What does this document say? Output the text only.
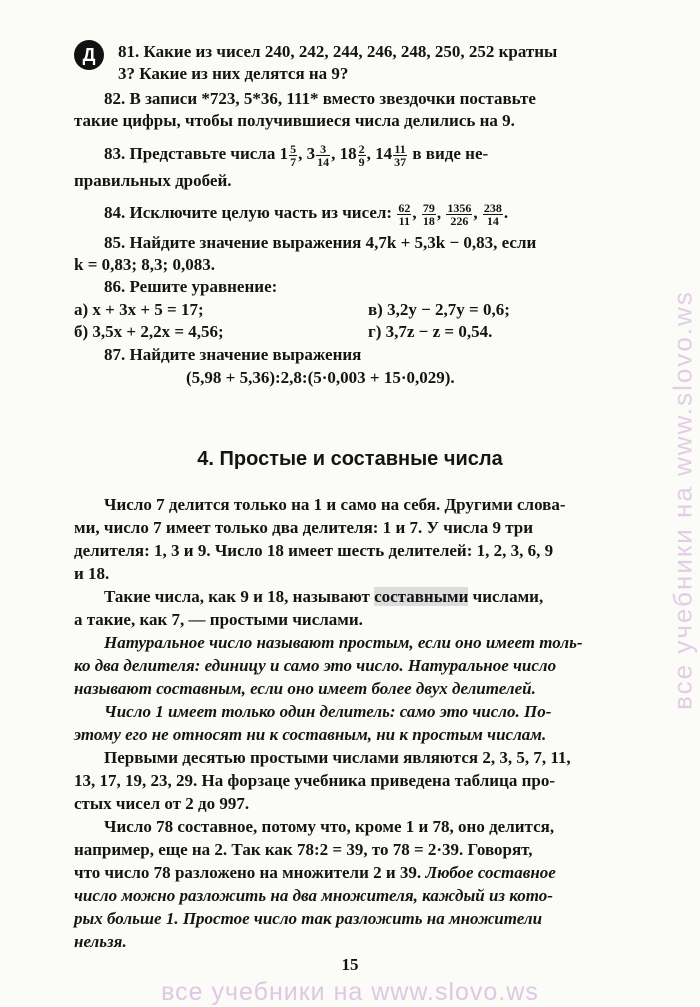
все учебники на www.slovo.ws
Д	81. Какие из чисел 240, 242, 244, 246, 248, 250, 252 кратны
3? Какие из них делятся на 9?
82. В записи *723, 5*36, 111* вместо звездочки поставьте
такие цифры, чтобы получившиеся числа делились на 9.
83. Представьте числа $1 \frac{5}{7}$ , $3 \frac{3}{14}$ , $18 \frac{2}{9}$ , $14 \frac{11}{37}$ в виде не-
правильных дробей.
84. Исключите целую часть из чисел: $\frac{62}{11}$ , $\frac{79}{18}$ , $\frac{1356}{226}$ , $\frac{238}{14}$ .
85. Найдите значение выражения 4,7k + 5,3k − 0,83, если
k = 0,83; 8,3; 0,083.
86. Решите уравнение:
а) x + 3x + 5 = 17;	в) 3,2y − 2,7y = 0,6;
б) 3,5x + 2,2x = 4,56;	г) 3,7z − z = 0,54.
87. Найдите значение выражения
(5,98 + 5,36):2,8:(5·0,003 + 15·0,029).
4. Простые и составные числа
Число 7 делится только на 1 и само на себя. Другими слова-
ми, число 7 имеет только два делителя: 1 и 7. У числа 9 три
делителя: 1, 3 и 9. Число 18 имеет шесть делителей: 1, 2, 3, 6, 9
и 18.
Такие числа, как 9 и 18, называют составными числами,
а такие, как 7, — простыми числами.
Натуральное число называют простым, если оно имеет толь-
ко два делителя: единицу и само это число. Натуральное число
называют составным, если оно имеет более двух делителей.
Число 1 имеет только один делитель: само это число. По-
этому его не относят ни к составным, ни к простым числам.
Первыми десятью простыми числами являются 2, 3, 5, 7, 11,
13, 17, 19, 23, 29. На форзаце учебника приведена таблица про-
стых чисел от 2 до 997.
Число 78 составное, потому что, кроме 1 и 78, оно делится,
например, еще на 2. Так как 78:2 = 39, то 78 = 2·39. Говорят,
что число 78 разложено на множители 2 и 39. Любое составное
число можно разложить на два множителя, каждый из кото-
рых больше 1. Простое число так разложить на множители
нельзя.
15
все учебники на www.slovo.ws
